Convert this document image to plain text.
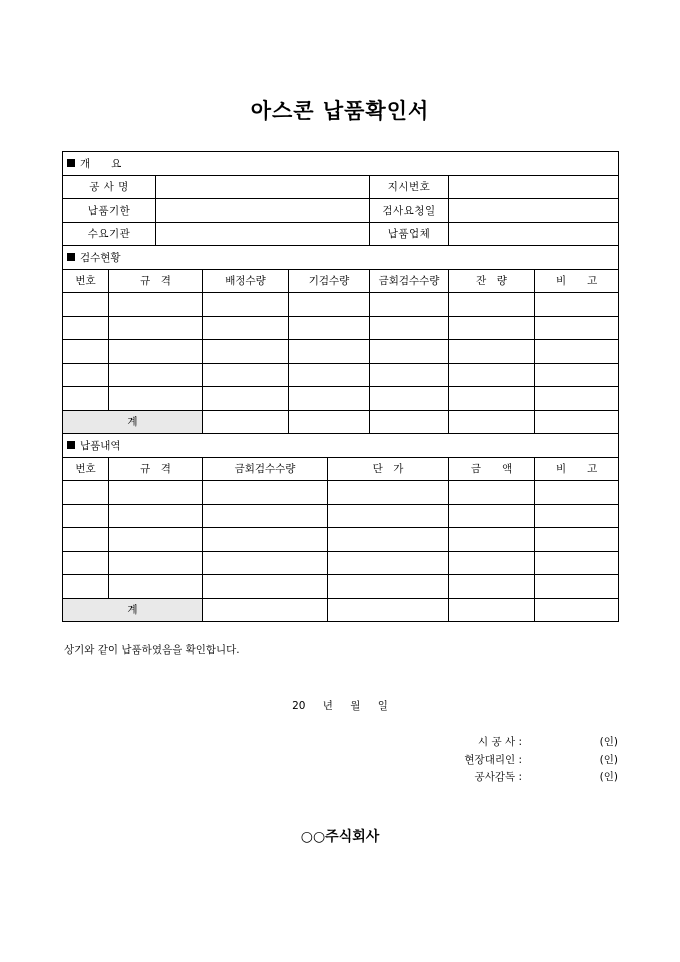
아스콘 납품확인서
개　　요								
공 사 명						지시번호		
납품기한						검사요청일		
수요기관						납품업체		
검수현황								
번호	규　격		배정수량	기검수량		금회검수수량	잔　량	비　　고

계								
납품내역								
번호	규　격		금회검수수량		단　가		금　　액	비　　고

계								
상기와 같이 납품하였음을 확인합니다.
20 년 월 일
시 공 사 :	(인)
현장대리인 :	(인)
공사감독 :	(인)
○○주식회사
